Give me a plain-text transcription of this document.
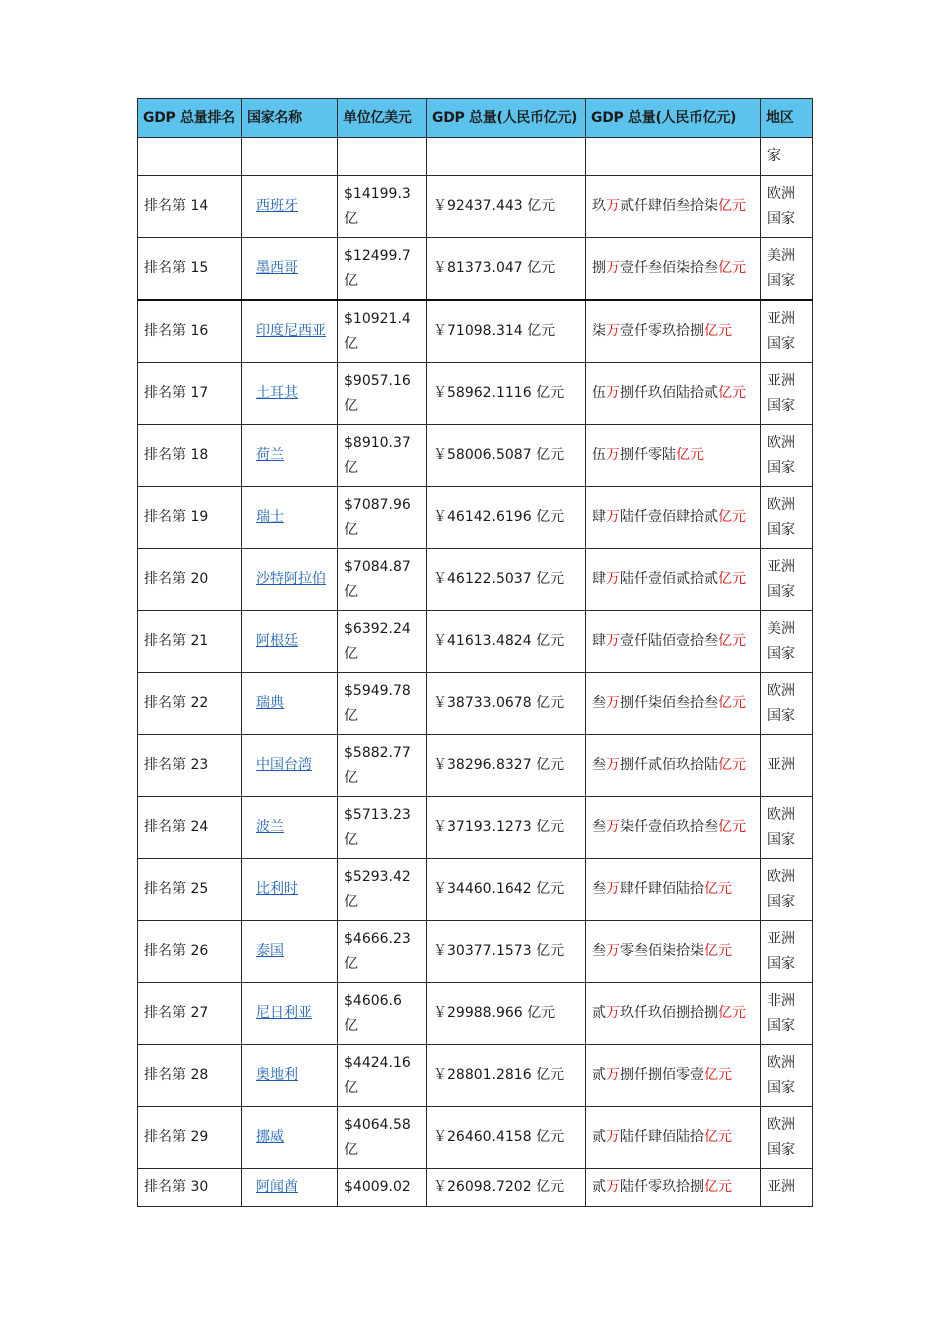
GDP 总量排名	国家名称	单位亿美元	GDP 总量(人民币亿元)	GDP 总量(人民币亿元)	地区
					家
排名第 14	西班牙	$14199.3 亿	￥92437.443 亿元	玖万贰仟肆佰叁拾柒亿元	欧洲国家
排名第 15	墨西哥	$12499.7 亿	￥81373.047 亿元	捌万壹仟叁佰柒拾叁亿元	美洲国家
排名第 16	印度尼西亚	$10921.4 亿	￥71098.314 亿元	柒万壹仟零玖拾捌亿元	亚洲国家
排名第 17	土耳其	$9057.16 亿	￥58962.1116 亿元	伍万捌仟玖佰陆拾贰亿元	亚洲国家
排名第 18	荷兰	$8910.37 亿	￥58006.5087 亿元	伍万捌仟零陆亿元	欧洲国家
排名第 19	瑞士	$7087.96 亿	￥46142.6196 亿元	肆万陆仟壹佰肆拾贰亿元	欧洲国家
排名第 20	沙特阿拉伯	$7084.87 亿	￥46122.5037 亿元	肆万陆仟壹佰贰拾贰亿元	亚洲国家
排名第 21	阿根廷	$6392.24 亿	￥41613.4824 亿元	肆万壹仟陆佰壹拾叁亿元	美洲国家
排名第 22	瑞典	$5949.78 亿	￥38733.0678 亿元	叁万捌仟柒佰叁拾叁亿元	欧洲国家
排名第 23	中国台湾	$5882.77 亿	￥38296.8327 亿元	叁万捌仟贰佰玖拾陆亿元	亚洲
排名第 24	波兰	$5713.23 亿	￥37193.1273 亿元	叁万柒仟壹佰玖拾叁亿元	欧洲国家
排名第 25	比利时	$5293.42 亿	￥34460.1642 亿元	叁万肆仟肆佰陆拾亿元	欧洲国家
排名第 26	泰国	$4666.23 亿	￥30377.1573 亿元	叁万零叁佰柒拾柒亿元	亚洲国家
排名第 27	尼日利亚	$4606.6 亿	￥29988.966 亿元	贰万玖仟玖佰捌拾捌亿元	非洲国家
排名第 28	奥地利	$4424.16 亿	￥28801.2816 亿元	贰万捌仟捌佰零壹亿元	欧洲国家
排名第 29	挪威	$4064.58 亿	￥26460.4158 亿元	贰万陆仟肆佰陆拾亿元	欧洲国家
排名第 30	阿闻酋	$4009.02	￥26098.7202 亿元	贰万陆仟零玖拾捌亿元	亚洲
